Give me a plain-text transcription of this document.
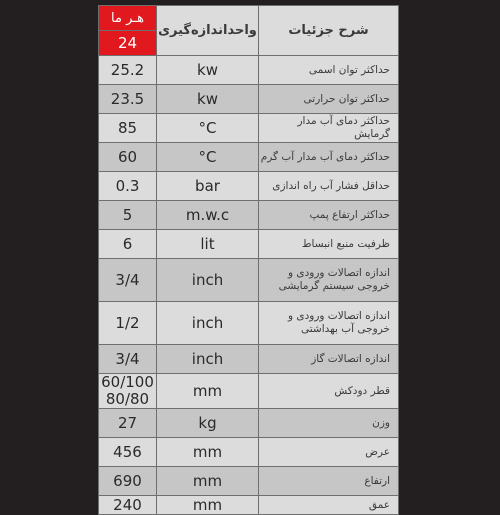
هـر ما	واحداندازه‌گیری	شرح جزئیات
24		
25.2	kw	حداکثر توان اسمی
23.5	kw	حداکثر توان حرارتی
85	°C	حداکثر دمای آب مدار گرمایش
60	°C	حداکثر دمای آب مدار آب گرم
0.3	bar	حداقل فشار آب راه اندازی
5	m.w.c	حداکثر ارتفاع پمپ
6	lit	ظرفیت منبع انبساط
3/4	inch	اندازه اتصالات ورودی و خروجی سیستم گرمایشی
1/2	inch	اندازه اتصالات ورودی و خروجی آب بهداشتی
3/4	inch	اندازه اتصالات گاز
60/100 80/80	mm	قطر دودکش
27	kg	وزن
456	mm	عرض
690	mm	ارتفاع
240	mm	عمق
